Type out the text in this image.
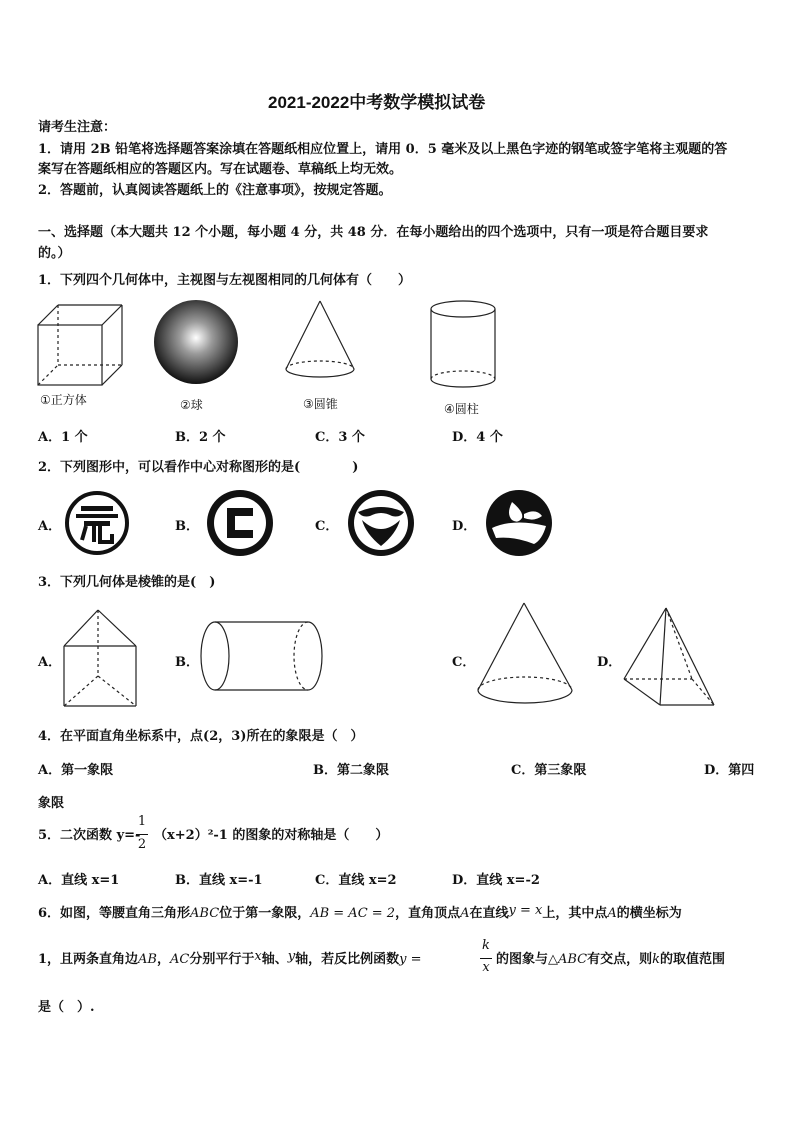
2021-2022中考数学模拟试卷
请考生注意：
1．请用 2B 铅笔将选择题答案涂填在答题纸相应位置上，请用 0．5 毫米及以上黑色字迹的钢笔或签字笔将主观题的答
案写在答题纸相应的答题区内。写在试题卷、草稿纸上均无效。
2．答题前，认真阅读答题纸上的《注意事项》，按规定答题。
一、选择题（本大题共 12 个小题，每小题 4 分，共 48 分．在每小题给出的四个选项中，只有一项是符合题目要求
的。）
1．下列四个几何体中，主视图与左视图相同的几何体有（　　）
①正方体	②球	③圆锥	④圆柱
A．1 个	B．2 个	C．3 个	D．4 个
2．下列图形中，可以看作中心对称图形的是(　　　　)
A．	B．	C．	D．
3．下列几何体是棱锥的是(　)
A．	B．	C．	D．
4．在平面直角坐标系中，点(2，3)所在的象限是（　）
A．第一象限	B．第二象限	C．第三象限	D．第四
象限
5．二次函数 y=-
1
2
（x+2）²-1 的图象的对称轴是（　　）
A．直线 x=1	B．直线 x=-1	C．直线 x=2	D．直线 x=-2
6．如图，等腰直角三角形ABC位于第一象限，AB = AC = 2，直角顶点A在直线y = x上，其中点A的横坐标为
1，且两条直角边AB，AC分别平行于x轴、y轴，若反比例函数y =
k
x
的图象与△ABC有交点，则k的取值范围
是（　）.
